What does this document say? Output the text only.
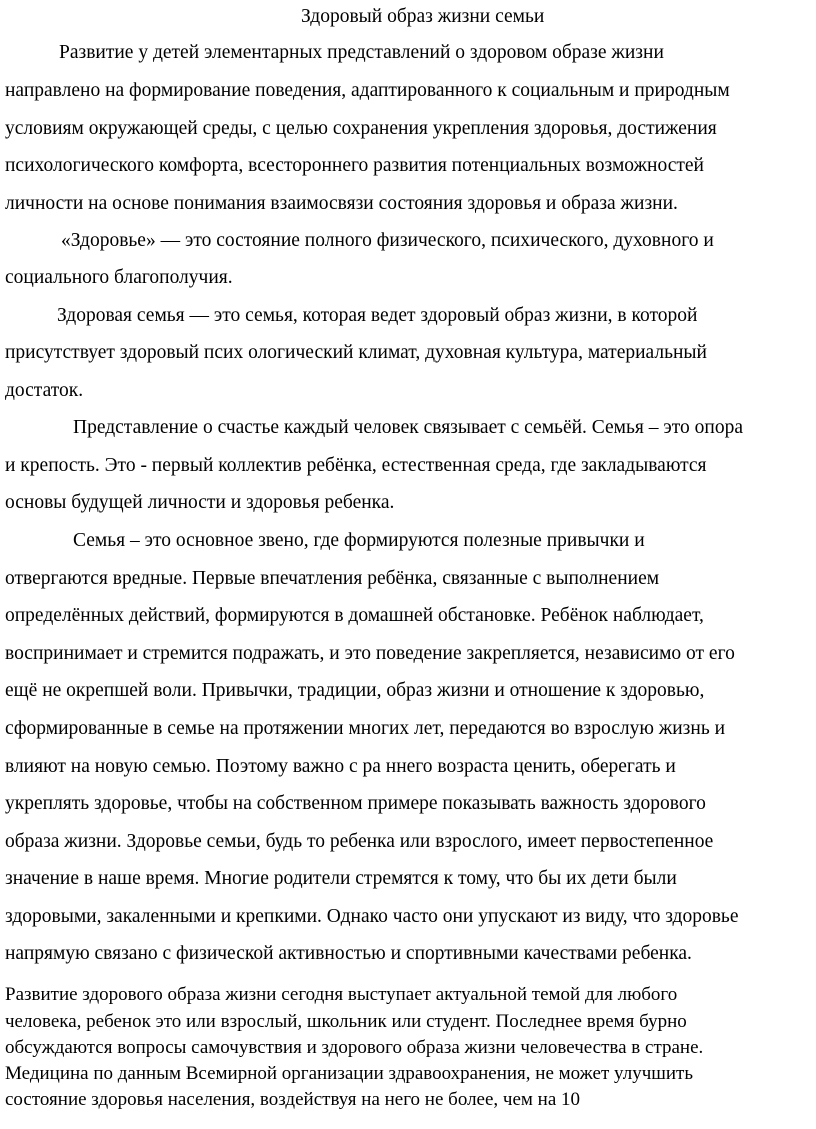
Здоровый образ жизни семьи
Развитие у детей элементарных представлений о здоровом образе жизни
направлено на формирование поведения, адаптированного к социальным и природным
условиям окружающей среды, с целью сохранения укрепления здоровья, достижения
психологического комфорта, всестороннего развития потенциальных возможностей
личности на основе понимания взаимосвязи состояния здоровья и образа жизни.
«Здоровье» — это состояние полного физического, психического, духовного и
социального благополучия.
Здоровая семья — это семья, которая ведет здоровый образ жизни, в которой
присутствует здоровый псих ологический климат, духовная культура, материальный
достаток.
Представление о счастье каждый человек связывает с семьёй. Семья – это опора
и крепость. Это - первый коллектив ребёнка, естественная среда, где закладываются
основы будущей личности и здоровья ребенка.
Семья – это основное звено, где формируются полезные привычки и
отвергаются вредные. Первые впечатления ребёнка, связанные с выполнением
определённых действий, формируются в домашней обстановке. Ребёнок наблюдает,
воспринимает и стремится подражать, и это поведение закрепляется, независимо от его
ещё не окрепшей воли. Привычки, традиции, образ жизни и отношение к здоровью,
сформированные в семье на протяжении многих лет, передаются во взрослую жизнь и
влияют на новую семью. Поэтому важно с ра ннего возраста ценить, оберегать и
укреплять здоровье, чтобы на собственном примере показывать важность здорового
образа жизни. Здоровье семьи, будь то ребенка или взрослого, имеет первостепенное
значение в наше время. Многие родители стремятся к тому, что бы их дети были
здоровыми, закаленными и крепкими. Однако часто они упускают из виду, что здоровье
напрямую связано с физической активностью и спортивными качествами ребенка.
Развитие здорового образа жизни сегодня выступает актуальной темой для любого
человека, ребенок это или взрослый, школьник или студент. Последнее время бурно
обсуждаются вопросы самочувствия и здорового образа жизни человечества в стране.
Медицина по данным Всемирной организации здравоохранения, не может улучшить
состояние здоровья населения, воздействуя на него не более, чем на 10
